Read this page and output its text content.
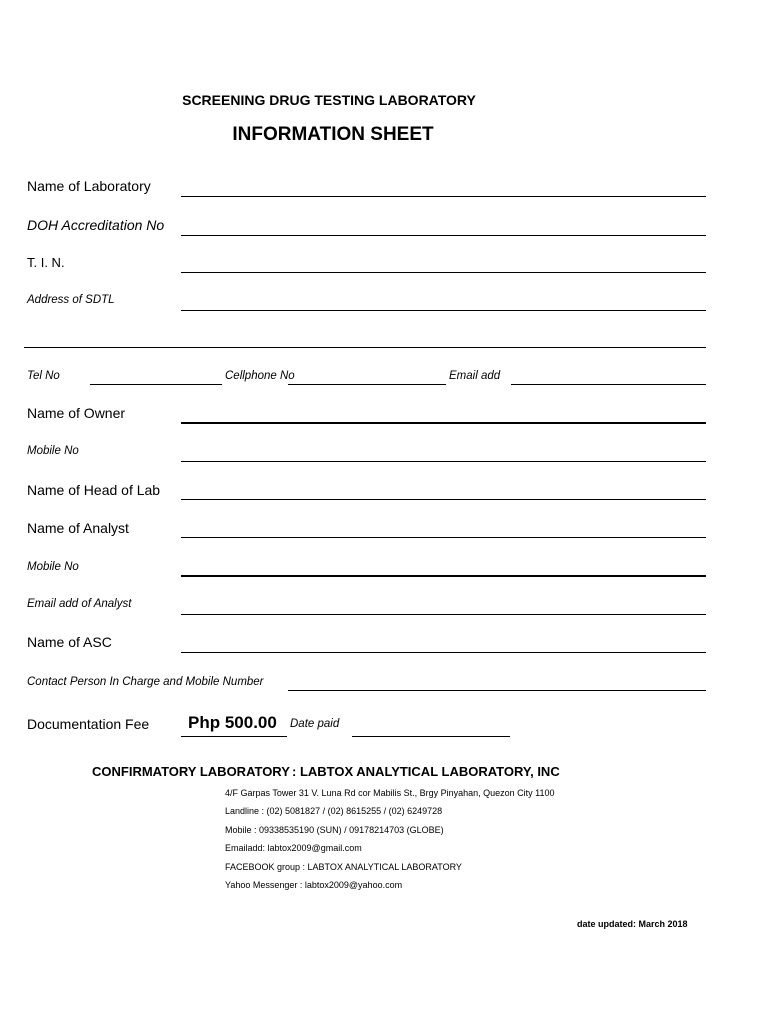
SCREENING DRUG TESTING LABORATORY
INFORMATION SHEET
Name of Laboratory
DOH Accreditation No
T. I. N.
Address of SDTL
Tel No	Cellphone No	Email add
Name of Owner
Mobile No
Name of Head of Lab
Name of Analyst
Mobile No
Email add of Analyst
Name of ASC
Contact Person In Charge and Mobile Number
Documentation Fee Php 500.00 Date paid
CONFIRMATORY LABORATORY : LABTOX ANALYTICAL LABORATORY, INC
4/F Garpas Tower 31 V. Luna Rd cor Mabilis St., Brgy Pinyahan, Quezon City 1100
Landline : (02) 5081827 / (02) 8615255 / (02) 6249728
Mobile : 09338535190 (SUN) / 09178214703 (GLOBE)
Emailadd: labtox2009@gmail.com
FACEBOOK group : LABTOX ANALYTICAL LABORATORY
Yahoo Messenger : labtox2009@yahoo.com
date updated: March 2018
